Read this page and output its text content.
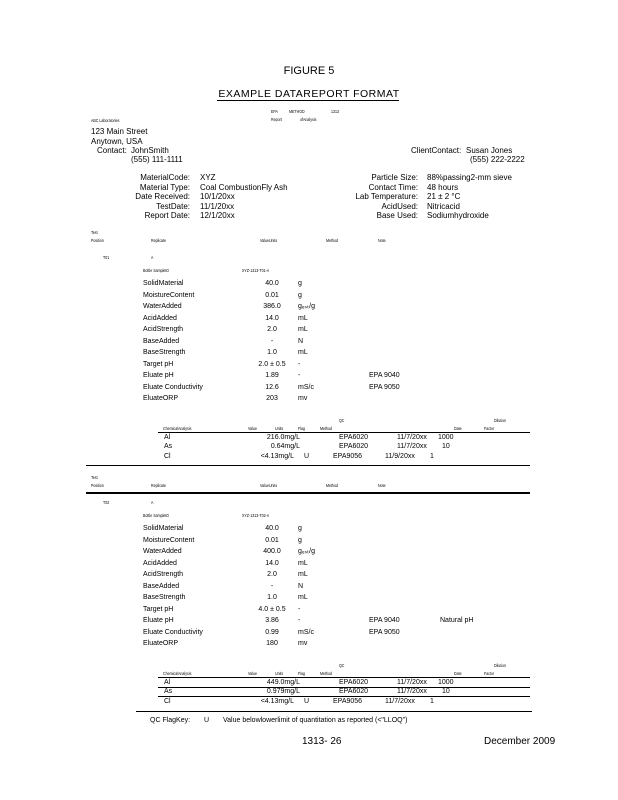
FIGURE 5
EXAMPLE DATAREPORT FORMAT
EPA METHOD	1313
Report	ofAnalysis
ABC Laboratories
123 Main Street
Anytown, USA
Contact: JohnSmith
(555) 111-1111
ClientContact: Susan Jones
(555) 222-2222
MaterialCode: XYZ
Material Type: Coal CombustionFly Ash
Date Received: 10/1/20xx
TestDate: 11/1/20xx
Report Date: 12/1/20xx
Particle Size: 88%passing2-mm sieve
Contact Time: 48 hours
Lab Temperature: 21 ± 2 °C
AcidUsed: Nitricacid
Base Used: Sodiumhydroxide
Test
Position	Replicate	ValueUnits	Method	Note
T01	A
Bottle SampleID	XYZ-1313-T01-A
SolidMaterial	40.0	g
MoistureContent	0.01	g
WaterAdded	386.0	gₑₛₜ/g
AcidAdded	14.0	mL
AcidStrength	2.0	mL
BaseAdded	-	N
BaseStrength	1.0	mL
Target pH	2.0 ± 0.5	-
Eluate pH	1.89	-	EPA 9040
Eluate Conductivity	12.6	mS/c	EPA 9050
EluateORP	203	mv
QC	Dilution
ChemicalAnalysis	Value	Units	Flag	Method	Date	Factor
Al	216.0mg/L	EPA6020	11/7/20xx 1000
As	0.64mg/L	EPA6020	11/7/20xx 10
Cl	<4.13mg/L U	EPA9056	11/9/20xx 1
Test
Position	Replicate	ValueUnits	Method	Note
T02	A
Bottle SampleID	XYZ-1313-T02-A
SolidMaterial	40.0	g
MoistureContent	0.01	g
WaterAdded	400.0	gₑₛₜ/g
AcidAdded	14.0	mL
AcidStrength	2.0	mL
BaseAdded	-	N
BaseStrength	1.0	mL
Target pH	4.0 ± 0.5	-
Eluate pH	3.86	-	EPA 9040	Natural pH
Eluate Conductivity	0.99	mS/c	EPA 9050
EluateORP	180	mv
QC	Dilution
ChemicalAnalysis	Value	Units	Flag	Method	Date	Factor
Al	449.0mg/L	EPA6020	11/7/20xx 1000
As	0.979mg/L	EPA6020	11/7/20xx 10
Cl	<4.13mg/L U	EPA9056	11/7/20xx 1
QC FlagKey: U Value belowlowerlimit of quantitation as reported (<"LLOQ")
1313- 26	December 2009
